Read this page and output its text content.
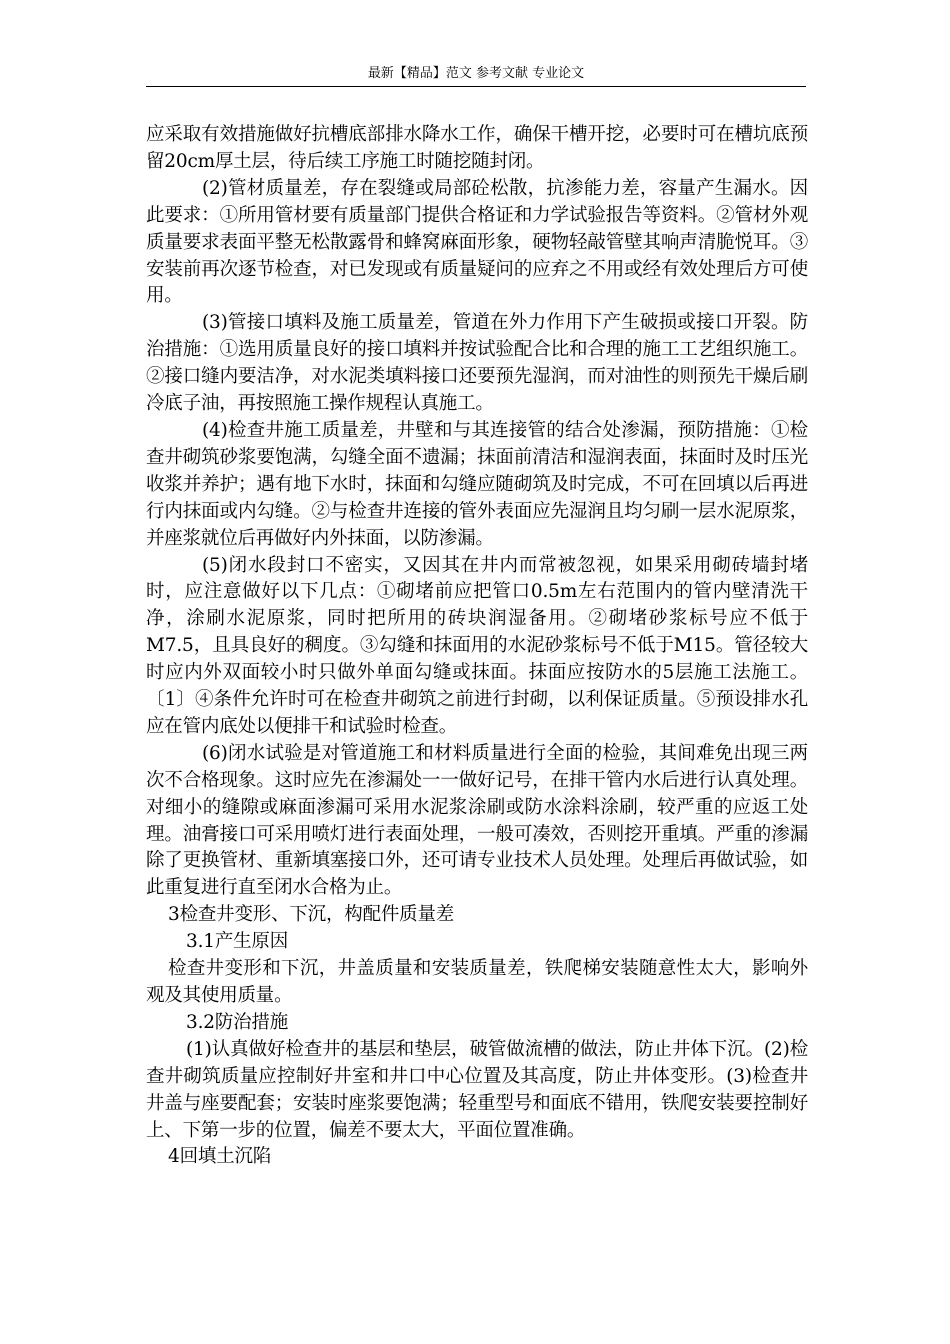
最新【精品】范文 参考文献 专业论文

应采取有效措施做好抗槽底部排水降水工作，确保干槽开挖，必要时可在槽坑底预留20cm厚土层，待后续工序施工时随挖随封闭。

(2)管材质量差，存在裂缝或局部砼松散，抗渗能力差，容量产生漏水。因此要求：①所用管材要有质量部门提供合格证和力学试验报告等资料。②管材外观质量要求表面平整无松散露骨和蜂窝麻面形象，硬物轻敲管壁其响声清脆悦耳。③安装前再次逐节检查，对已发现或有质量疑问的应弃之不用或经有效处理后方可使用。

(3)管接口填料及施工质量差，管道在外力作用下产生破损或接口开裂。防治措施：①选用质量良好的接口填料并按试验配合比和合理的施工工艺组织施工。②接口缝内要洁净，对水泥类填料接口还要预先湿润，而对油性的则预先干燥后刷冷底子油，再按照施工操作规程认真施工。

(4)检查井施工质量差，井壁和与其连接管的结合处渗漏，预防措施：①检查井砌筑砂浆要饱满，勾缝全面不遗漏；抹面前清洁和湿润表面，抹面时及时压光收浆并养护；遇有地下水时，抹面和勾缝应随砌筑及时完成，不可在回填以后再进行内抹面或内勾缝。②与检查井连接的管外表面应先湿润且均匀刷一层水泥原浆，并座浆就位后再做好内外抹面，以防渗漏。

(5)闭水段封口不密实，又因其在井内而常被忽视，如果采用砌砖墙封堵时，应注意做好以下几点：①砌堵前应把管口0.5m左右范围内的管内壁清洗干净，涂刷水泥原浆，同时把所用的砖块润湿备用。②砌堵砂浆标号应不低于M7.5，且具良好的稠度。③勾缝和抹面用的水泥砂浆标号不低于M15。管径较大时应内外双面较小时只做外单面勾缝或抹面。抹面应按防水的5层施工法施工。〔1〕④条件允许时可在检查井砌筑之前进行封砌，以利保证质量。⑤预设排水孔应在管内底处以便排干和试验时检查。

(6)闭水试验是对管道施工和材料质量进行全面的检验，其间难免出现三两次不合格现象。这时应先在渗漏处一一做好记号，在排干管内水后进行认真处理。对细小的缝隙或麻面渗漏可采用水泥浆涂刷或防水涂料涂刷，较严重的应返工处理。油膏接口可采用喷灯进行表面处理，一般可凑效，否则挖开重填。严重的渗漏除了更换管材、重新填塞接口外，还可请专业技术人员处理。处理后再做试验，如此重复进行直至闭水合格为止。

3检查井变形、下沉，构配件质量差

3.1产生原因

检查井变形和下沉，井盖质量和安装质量差，铁爬梯安装随意性太大，影响外观及其使用质量。

3.2防治措施

(1)认真做好检查井的基层和垫层，破管做流槽的做法，防止井体下沉。(2)检查井砌筑质量应控制好井室和井口中心位置及其高度，防止井体变形。(3)检查井井盖与座要配套；安装时座浆要饱满；轻重型号和面底不错用，铁爬安装要控制好上、下第一步的位置，偏差不要太大，平面位置准确。

4回填土沉陷
